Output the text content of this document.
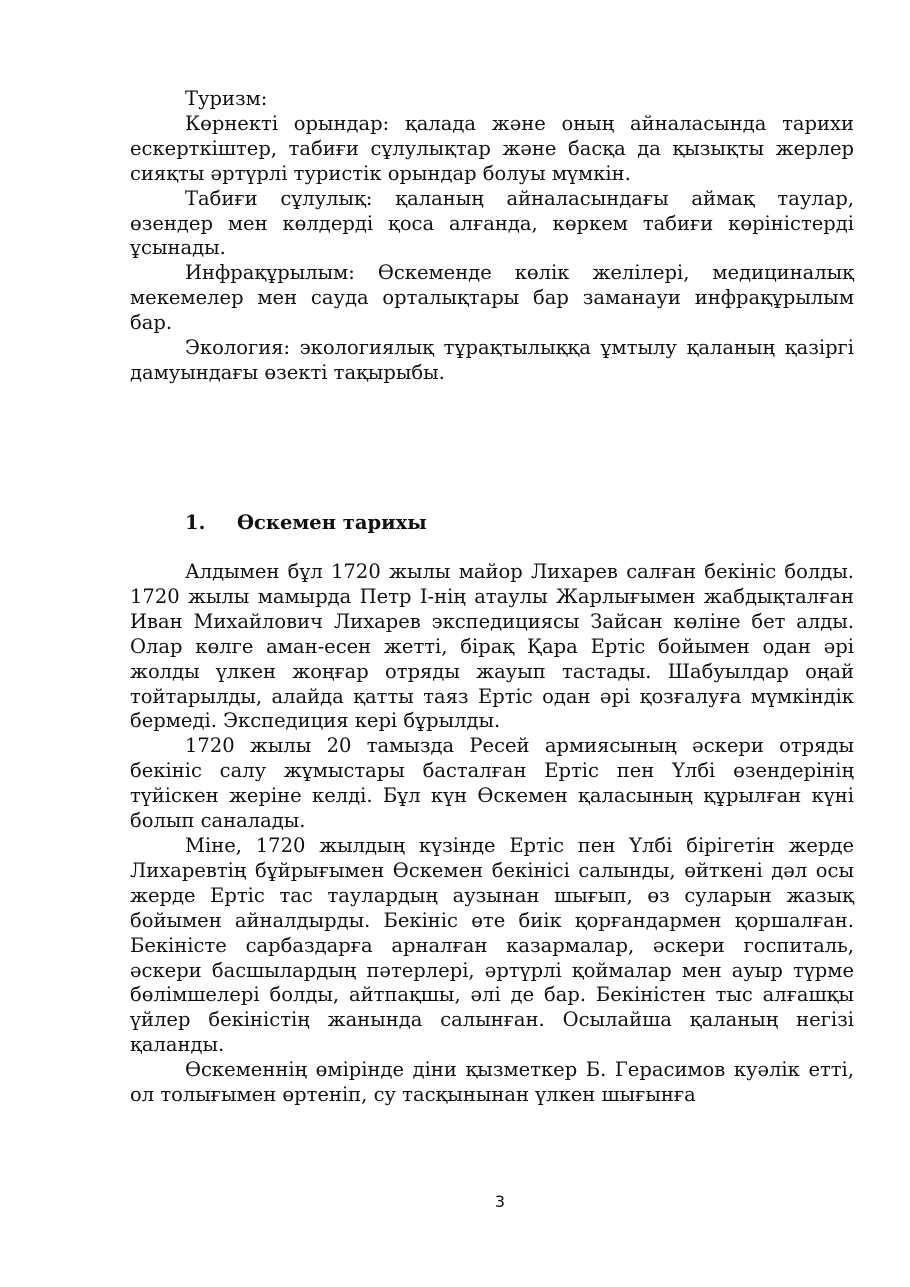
Туризм:

Көрнекті орындар: қалада және оның айналасында тарихи ескерткіштер, табиғи сұлулықтар және басқа да қызықты жерлер сияқты әртүрлі туристік орындар болуы мүмкін.

Табиғи сұлулық: қаланың айналасындағы аймақ таулар, өзендер мен көлдерді қоса алғанда, көркем табиғи көріністерді ұсынады.

Инфрақұрылым: Өскеменде көлік желілері, медициналық мекемелер мен сауда орталықтары бар заманауи инфрақұрылым бар.

Экология: экологиялық тұрақтылыққа ұмтылу қаланың қазіргі дамуындағы өзекті тақырыбы.

1. Өскемен тарихы

Алдымен бұл 1720 жылы майор Лихарев салған бекініс болды. 1720 жылы мамырда Петр I-нің атаулы Жарлығымен жабдықталған Иван Михайлович Лихарев экспедициясы Зайсан көліне бет алды. Олар көлге аман-есен жетті, бірақ Қара Ертіс бойымен одан әрі жолды үлкен жоңғар отряды жауып тастады. Шабуылдар оңай тойтарылды, алайда қатты таяз Ертіс одан әрі қозғалуға мүмкіндік бермеді. Экспедиция кері бұрылды.

1720 жылы 20 тамызда Ресей армиясының әскери отряды бекініс салу жұмыстары басталған Ертіс пен Үлбі өзендерінің түйіскен жеріне келді. Бұл күн Өскемен қаласының құрылған күні болып саналады.

Міне, 1720 жылдың күзінде Ертіс пен Үлбі бірігетін жерде Лихаревтің бұйрығымен Өскемен бекінісі салынды, өйткені дәл осы жерде Ертіс тас таулардың аузынан шығып, өз суларын жазық бойымен айналдырды. Бекініс өте биік қорғандармен қоршалған. Бекіністе сарбаздарға арналған казармалар, әскери госпиталь, әскери басшылардың пәтерлері, әртүрлі қоймалар мен ауыр түрме бөлімшелері болды, айтпақшы, әлі де бар. Бекіністен тыс алғашқы үйлер бекіністің жанында салынған. Осылайша қаланың негізі қаланды.

Өскеменнің өмірінде діни қызметкер Б. Герасимов куәлік етті, ол толығымен өртеніп, су тасқынынан үлкен шығынға

3
